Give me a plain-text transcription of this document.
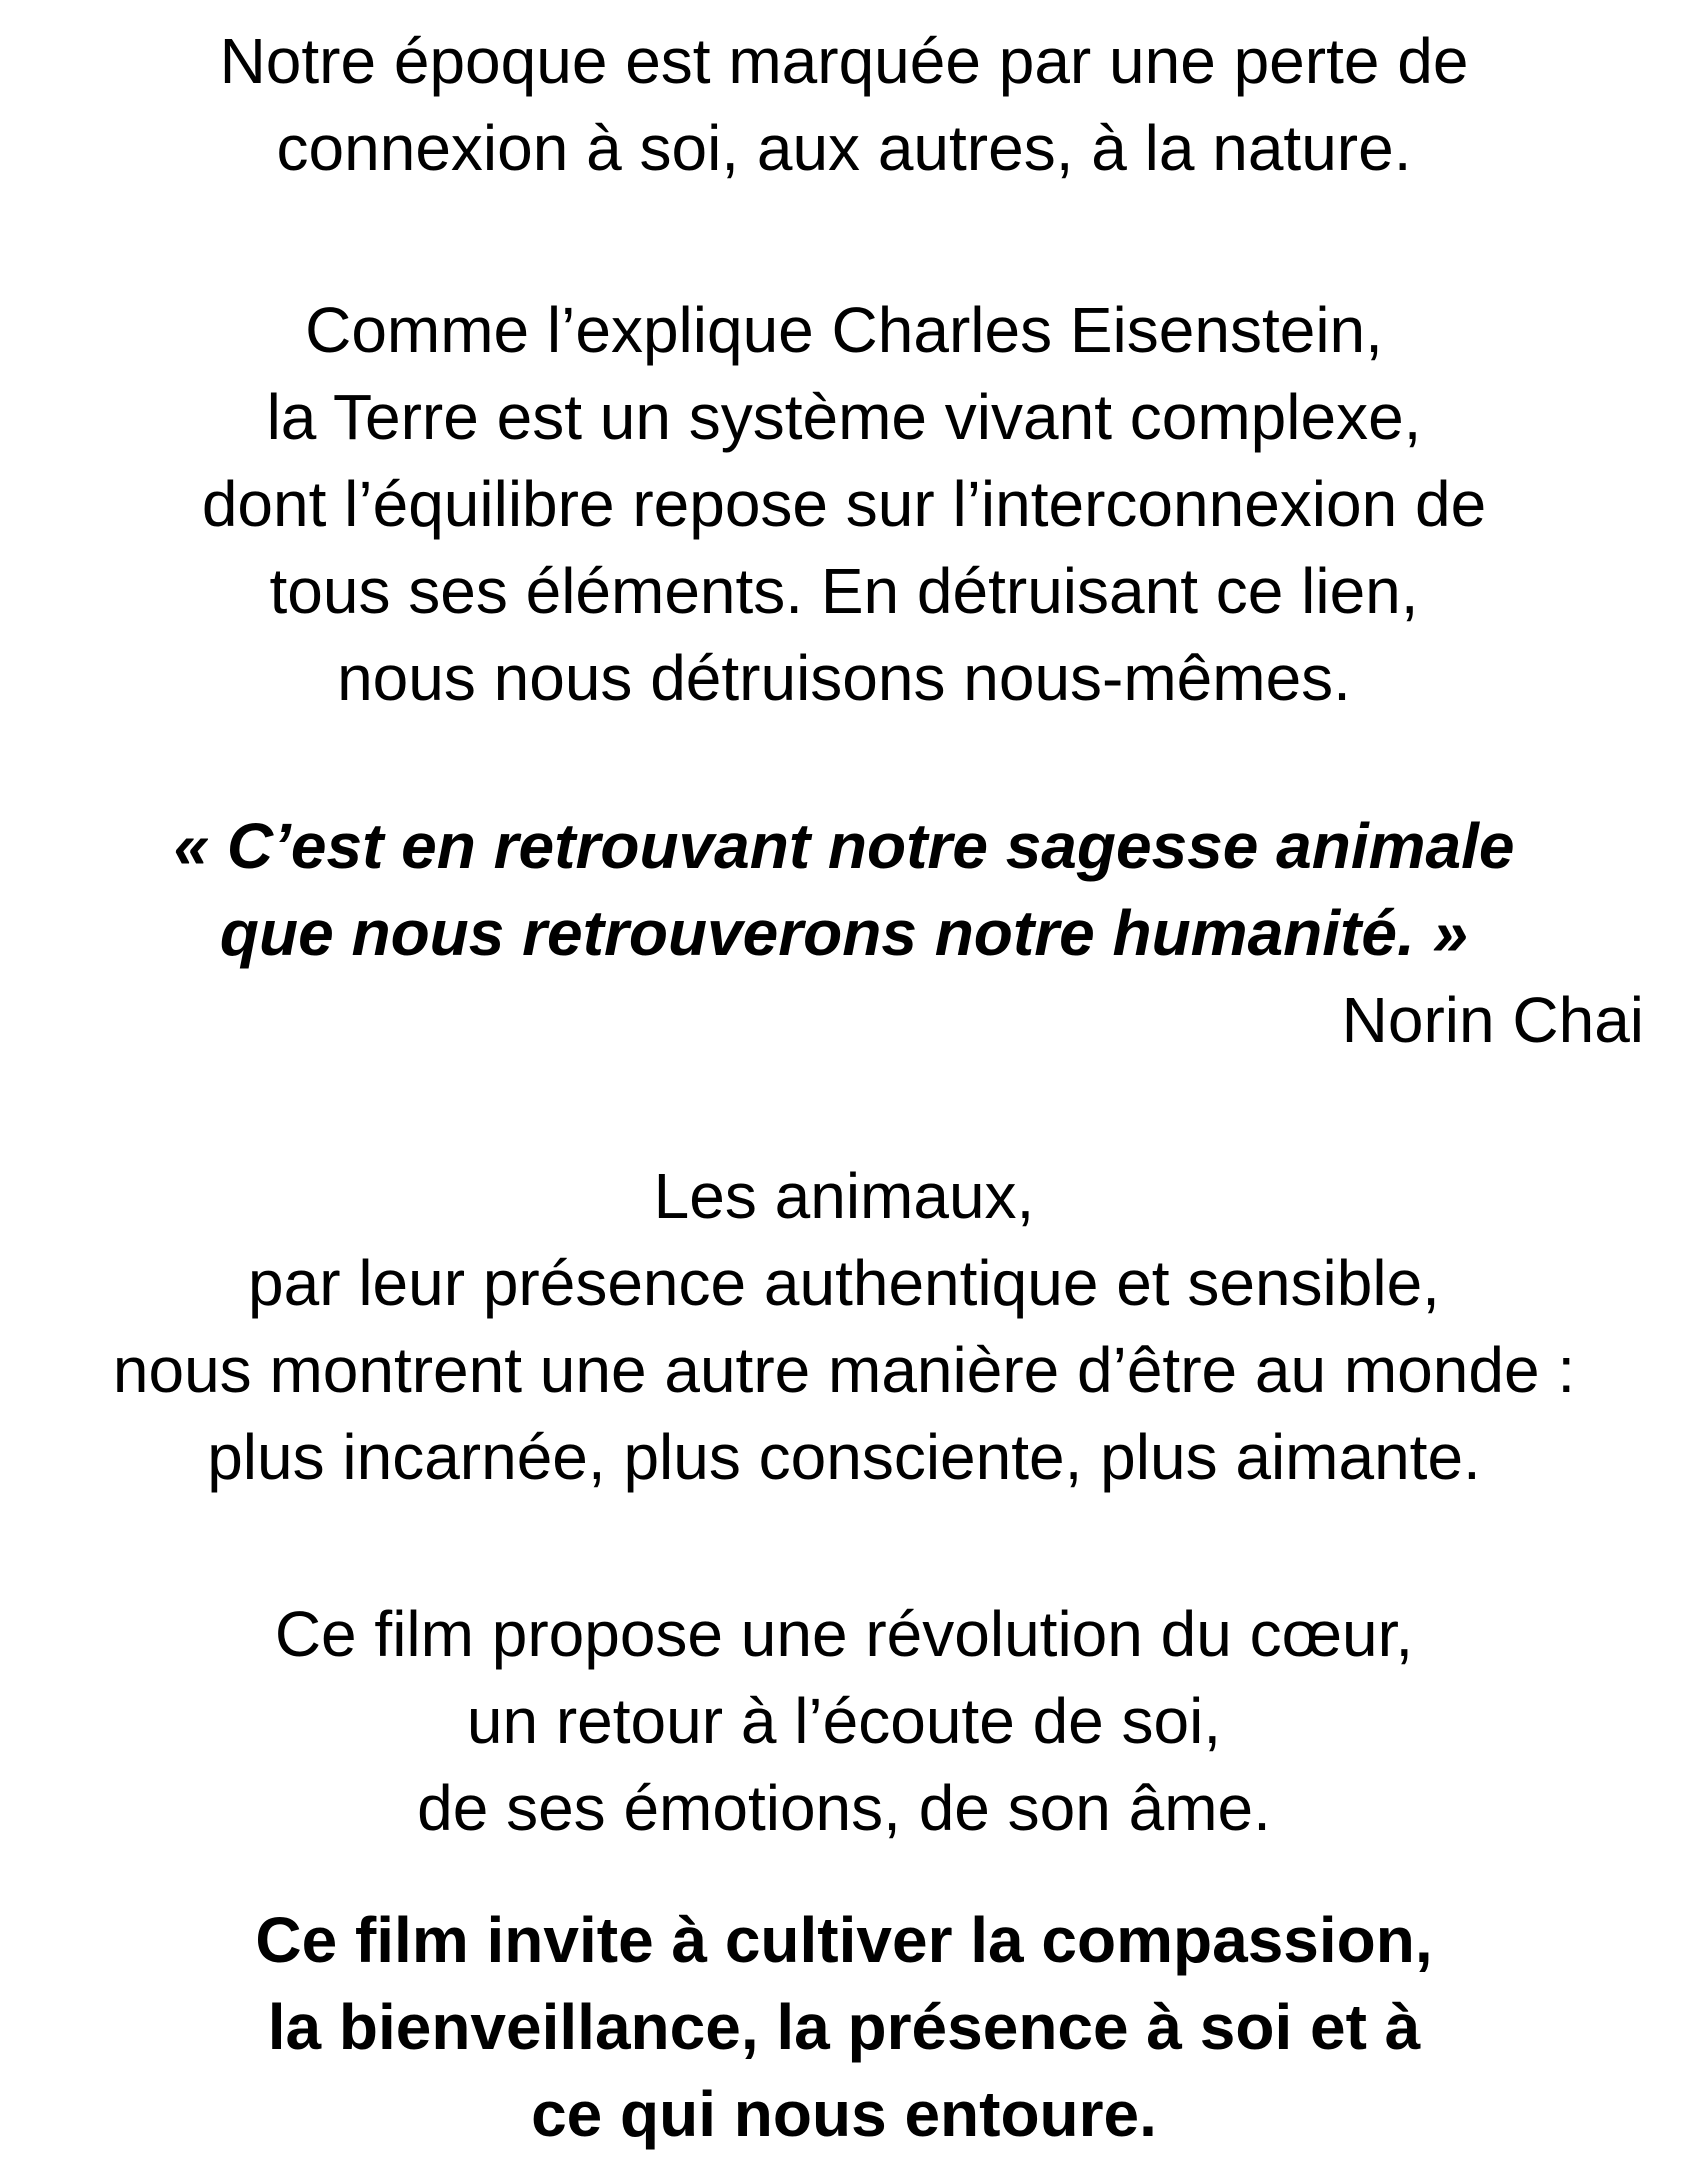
Notre époque est marquée par une perte de
connexion à soi, aux autres, à la nature.

Comme l’explique Charles Eisenstein,
la Terre est un système vivant complexe,
dont l’équilibre repose sur l’interconnexion de
tous ses éléments. En détruisant ce lien,
nous nous détruisons nous-mêmes.

« C’est en retrouvant notre sagesse animale
que nous retrouverons notre humanité. »

Norin Chai

Les animaux,
par leur présence authentique et sensible,
nous montrent une autre manière d’être au monde :
plus incarnée, plus consciente, plus aimante.

Ce film propose une révolution du cœur,
un retour à l’écoute de soi,
de ses émotions, de son âme.

Ce film invite à cultiver la compassion,
la bienveillance, la présence à soi et à
ce qui nous entoure.
